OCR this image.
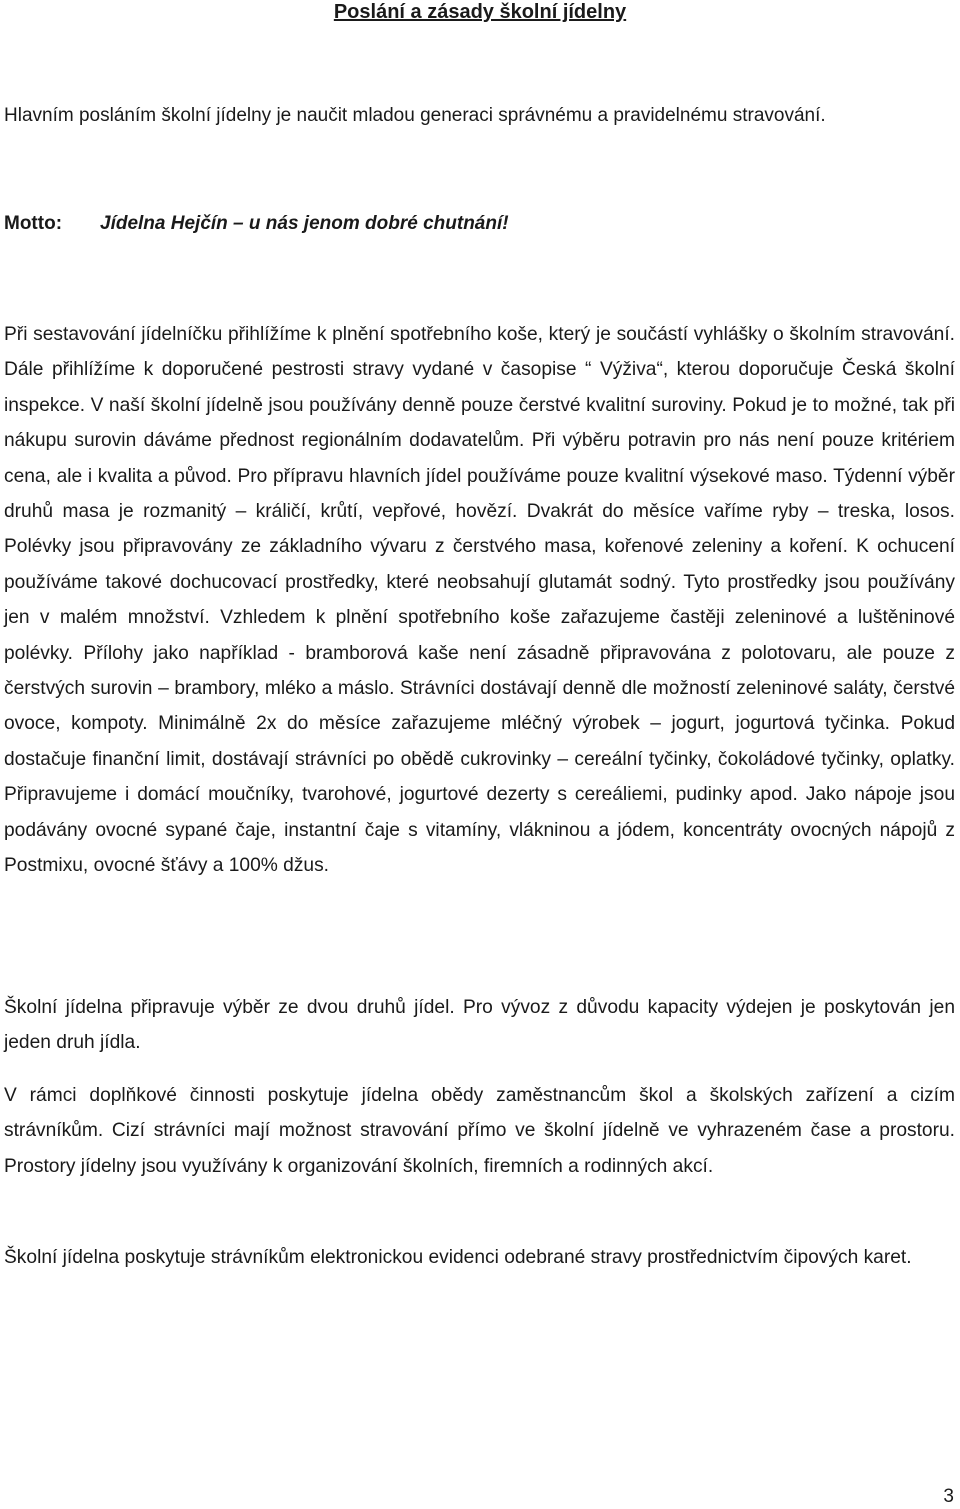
Poslání a zásady školní jídelny

Hlavním posláním školní jídelny je naučit mladou generaci správnému a pravidelnému stravování.

Motto: Jídelna Hejčín – u nás jenom dobré chutnání!

Při sestavování jídelníčku přihlížíme k plnění spotřebního koše, který je součástí vyhlášky o školním stravování. Dále přihlížíme k doporučené pestrosti stravy vydané v časopise “ Výživa“, kterou doporučuje Česká školní inspekce. V naší školní jídelně jsou používány denně pouze čerstvé kvalitní suroviny. Pokud je to možné, tak při nákupu surovin dáváme přednost regionálním dodavatelům. Při výběru potravin pro nás není pouze kritériem cena, ale i kvalita a původ. Pro přípravu hlavních jídel používáme pouze kvalitní výsekové maso. Týdenní výběr druhů masa je rozmanitý – králičí, krůtí, vepřové, hovězí. Dvakrát do měsíce vaříme ryby – treska, losos. Polévky jsou připravovány ze základního vývaru z čerstvého masa, kořenové zeleniny a koření. K ochucení používáme takové dochucovací prostředky, které neobsahují glutamát sodný. Tyto prostředky jsou používány jen v malém množství. Vzhledem k plnění spotřebního koše zařazujeme častěji zeleninové a luštěninové polévky. Přílohy jako například - bramborová kaše není zásadně připravována z polotovaru, ale pouze z čerstvých surovin – brambory, mléko a máslo. Strávníci dostávají denně dle možností zeleninové saláty, čerstvé ovoce, kompoty. Minimálně 2x do měsíce zařazujeme mléčný výrobek – jogurt, jogurtová tyčinka. Pokud dostačuje finanční limit, dostávají strávníci po obědě cukrovinky – cereální tyčinky, čokoládové tyčinky, oplatky. Připravujeme i domácí moučníky, tvarohové, jogurtové dezerty s cereáliemi, pudinky apod. Jako nápoje jsou podávány ovocné sypané čaje, instantní čaje s vitamíny, vlákninou a jódem, koncentráty ovocných nápojů z Postmixu, ovocné šťávy a 100% džus.

Školní jídelna připravuje výběr ze dvou druhů jídel. Pro vývoz z důvodu kapacity výdejen je poskytován jen jeden druh jídla.

V rámci doplňkové činnosti poskytuje jídelna obědy zaměstnancům škol a školských zařízení a cizím strávníkům. Cizí strávníci mají možnost stravování přímo ve školní jídelně ve vyhrazeném čase a prostoru. Prostory jídelny jsou využívány k organizování školních, firemních a rodinných akcí.

Školní jídelna poskytuje strávníkům elektronickou evidenci odebrané stravy prostřednictvím čipových karet.

3
